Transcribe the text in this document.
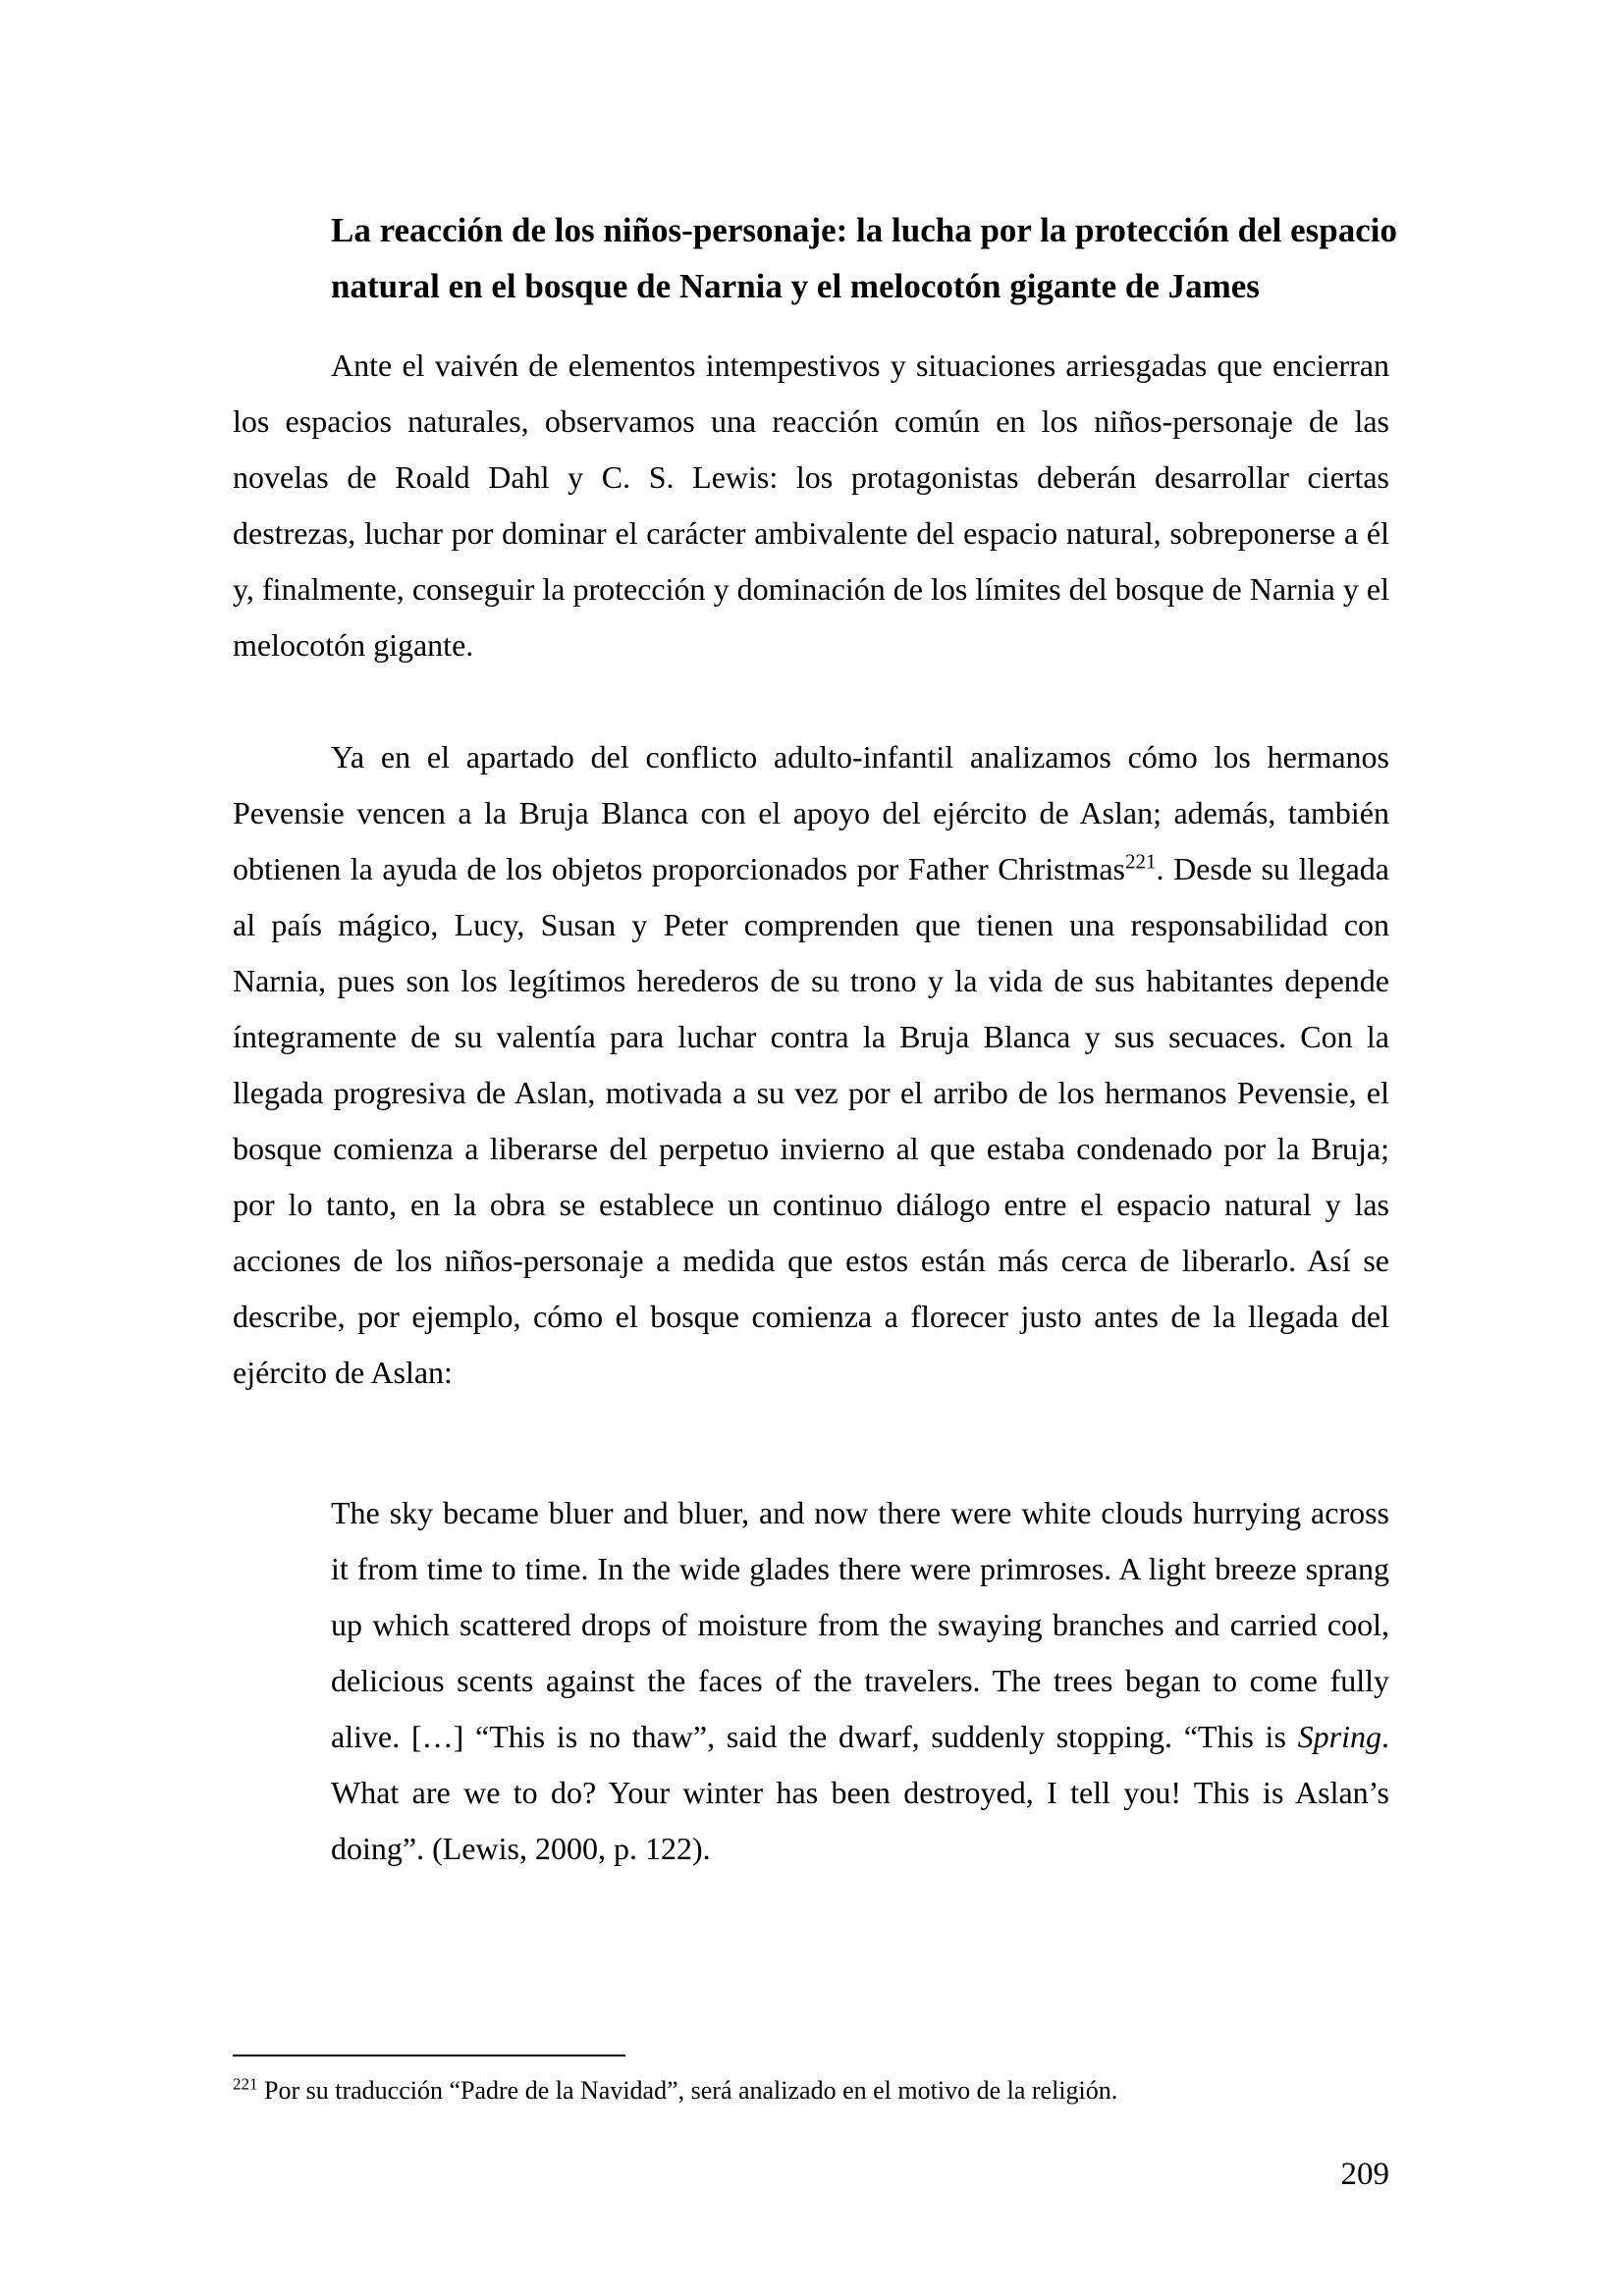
La reacción de los niños-personaje: la lucha por la protección del espacio natural en el bosque de Narnia y el melocotón gigante de James

Ante el vaivén de elementos intempestivos y situaciones arriesgadas que encierran los espacios naturales, observamos una reacción común en los niños-personaje de las novelas de Roald Dahl y C. S. Lewis: los protagonistas deberán desarrollar ciertas destrezas, luchar por dominar el carácter ambivalente del espacio natural, sobreponerse a él y, finalmente, conseguir la protección y dominación de los límites del bosque de Narnia y el melocotón gigante.

Ya en el apartado del conflicto adulto-infantil analizamos cómo los hermanos Pevensie vencen a la Bruja Blanca con el apoyo del ejército de Aslan; además, también obtienen la ayuda de los objetos proporcionados por Father Christmas$^{221}$. Desde su llegada al país mágico, Lucy, Susan y Peter comprenden que tienen una responsabilidad con Narnia, pues son los legítimos herederos de su trono y la vida de sus habitantes depende íntegramente de su valentía para luchar contra la Bruja Blanca y sus secuaces. Con la llegada progresiva de Aslan, motivada a su vez por el arribo de los hermanos Pevensie, el bosque comienza a liberarse del perpetuo invierno al que estaba condenado por la Bruja; por lo tanto, en la obra se establece un continuo diálogo entre el espacio natural y las acciones de los niños-personaje a medida que estos están más cerca de liberarlo. Así se describe, por ejemplo, cómo el bosque comienza a florecer justo antes de la llegada del ejército de Aslan:

The sky became bluer and bluer, and now there were white clouds hurrying across it from time to time. In the wide glades there were primroses. A light breeze sprang up which scattered drops of moisture from the swaying branches and carried cool, delicious scents against the faces of the travelers. The trees began to come fully alive. […] “This is no thaw”, said the dwarf, suddenly stopping. “This is Spring. What are we to do? Your winter has been destroyed, I tell you! This is Aslan’s doing”. (Lewis, 2000, p. 122).
$^{221}$ Por su traducción “Padre de la Navidad”, será analizado en el motivo de la religión.
209
